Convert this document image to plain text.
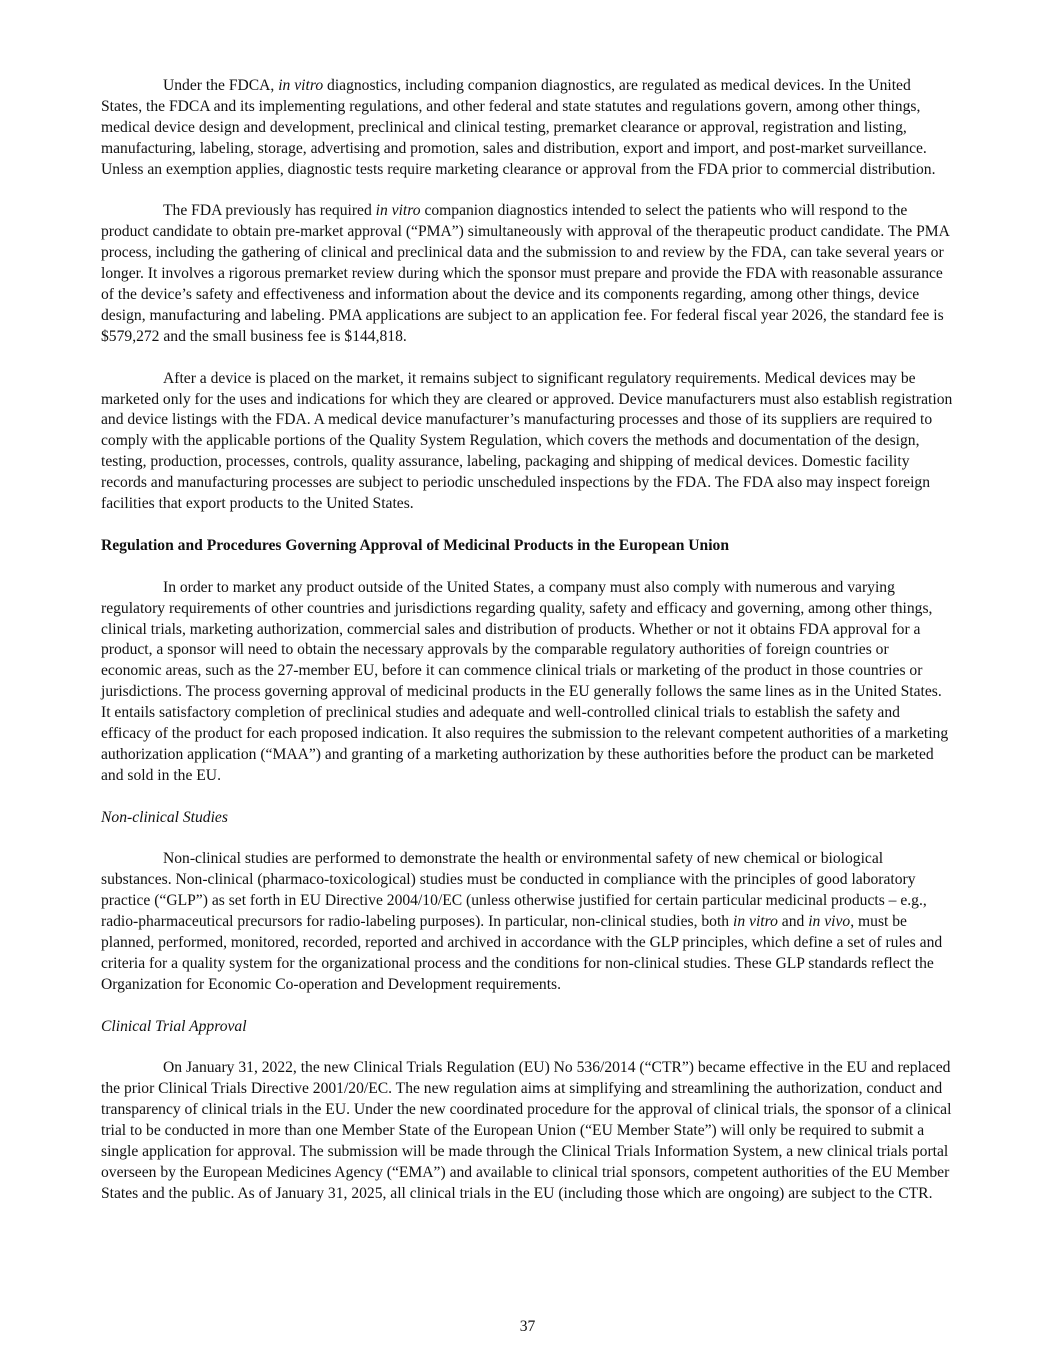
Under the FDCA, in vitro diagnostics, including companion diagnostics, are regulated as medical devices. In the United States, the FDCA and its implementing regulations, and other federal and state statutes and regulations govern, among other things, medical device design and development, preclinical and clinical testing, premarket clearance or approval, registration and listing, manufacturing, labeling, storage, advertising and promotion, sales and distribution, export and import, and post-market surveillance. Unless an exemption applies, diagnostic tests require marketing clearance or approval from the FDA prior to commercial distribution.

The FDA previously has required in vitro companion diagnostics intended to select the patients who will respond to the product candidate to obtain pre-market approval (“PMA”) simultaneously with approval of the therapeutic product candidate. The PMA process, including the gathering of clinical and preclinical data and the submission to and review by the FDA, can take several years or longer. It involves a rigorous premarket review during which the sponsor must prepare and provide the FDA with reasonable assurance of the device’s safety and effectiveness and information about the device and its components regarding, among other things, device design, manufacturing and labeling. PMA applications are subject to an application fee. For federal fiscal year 2026, the standard fee is $579,272 and the small business fee is $144,818.

After a device is placed on the market, it remains subject to significant regulatory requirements. Medical devices may be marketed only for the uses and indications for which they are cleared or approved. Device manufacturers must also establish registration and device listings with the FDA. A medical device manufacturer’s manufacturing processes and those of its suppliers are required to comply with the applicable portions of the Quality System Regulation, which covers the methods and documentation of the design, testing, production, processes, controls, quality assurance, labeling, packaging and shipping of medical devices. Domestic facility records and manufacturing processes are subject to periodic unscheduled inspections by the FDA. The FDA also may inspect foreign facilities that export products to the United States.

Regulation and Procedures Governing Approval of Medicinal Products in the European Union

In order to market any product outside of the United States, a company must also comply with numerous and varying regulatory requirements of other countries and jurisdictions regarding quality, safety and efficacy and governing, among other things, clinical trials, marketing authorization, commercial sales and distribution of products. Whether or not it obtains FDA approval for a product, a sponsor will need to obtain the necessary approvals by the comparable regulatory authorities of foreign countries or economic areas, such as the 27-member EU, before it can commence clinical trials or marketing of the product in those countries or jurisdictions. The process governing approval of medicinal products in the EU generally follows the same lines as in the United States. It entails satisfactory completion of preclinical studies and adequate and well-controlled clinical trials to establish the safety and efficacy of the product for each proposed indication. It also requires the submission to the relevant competent authorities of a marketing authorization application (“MAA”) and granting of a marketing authorization by these authorities before the product can be marketed and sold in the EU.

Non-clinical Studies

Non-clinical studies are performed to demonstrate the health or environmental safety of new chemical or biological substances. Non-clinical (pharmaco-toxicological) studies must be conducted in compliance with the principles of good laboratory practice (“GLP”) as set forth in EU Directive 2004/10/EC (unless otherwise justified for certain particular medicinal products – e.g., radio-pharmaceutical precursors for radio-labeling purposes). In particular, non-clinical studies, both in vitro and in vivo, must be planned, performed, monitored, recorded, reported and archived in accordance with the GLP principles, which define a set of rules and criteria for a quality system for the organizational process and the conditions for non-clinical studies. These GLP standards reflect the Organization for Economic Co-operation and Development requirements.

Clinical Trial Approval

On January 31, 2022, the new Clinical Trials Regulation (EU) No 536/2014 (“CTR”) became effective in the EU and replaced the prior Clinical Trials Directive 2001/20/EC. The new regulation aims at simplifying and streamlining the authorization, conduct and transparency of clinical trials in the EU. Under the new coordinated procedure for the approval of clinical trials, the sponsor of a clinical trial to be conducted in more than one Member State of the European Union (“EU Member State”) will only be required to submit a single application for approval. The submission will be made through the Clinical Trials Information System, a new clinical trials portal overseen by the European Medicines Agency (“EMA”) and available to clinical trial sponsors, competent authorities of the EU Member States and the public. As of January 31, 2025, all clinical trials in the EU (including those which are ongoing) are subject to the CTR.

37
